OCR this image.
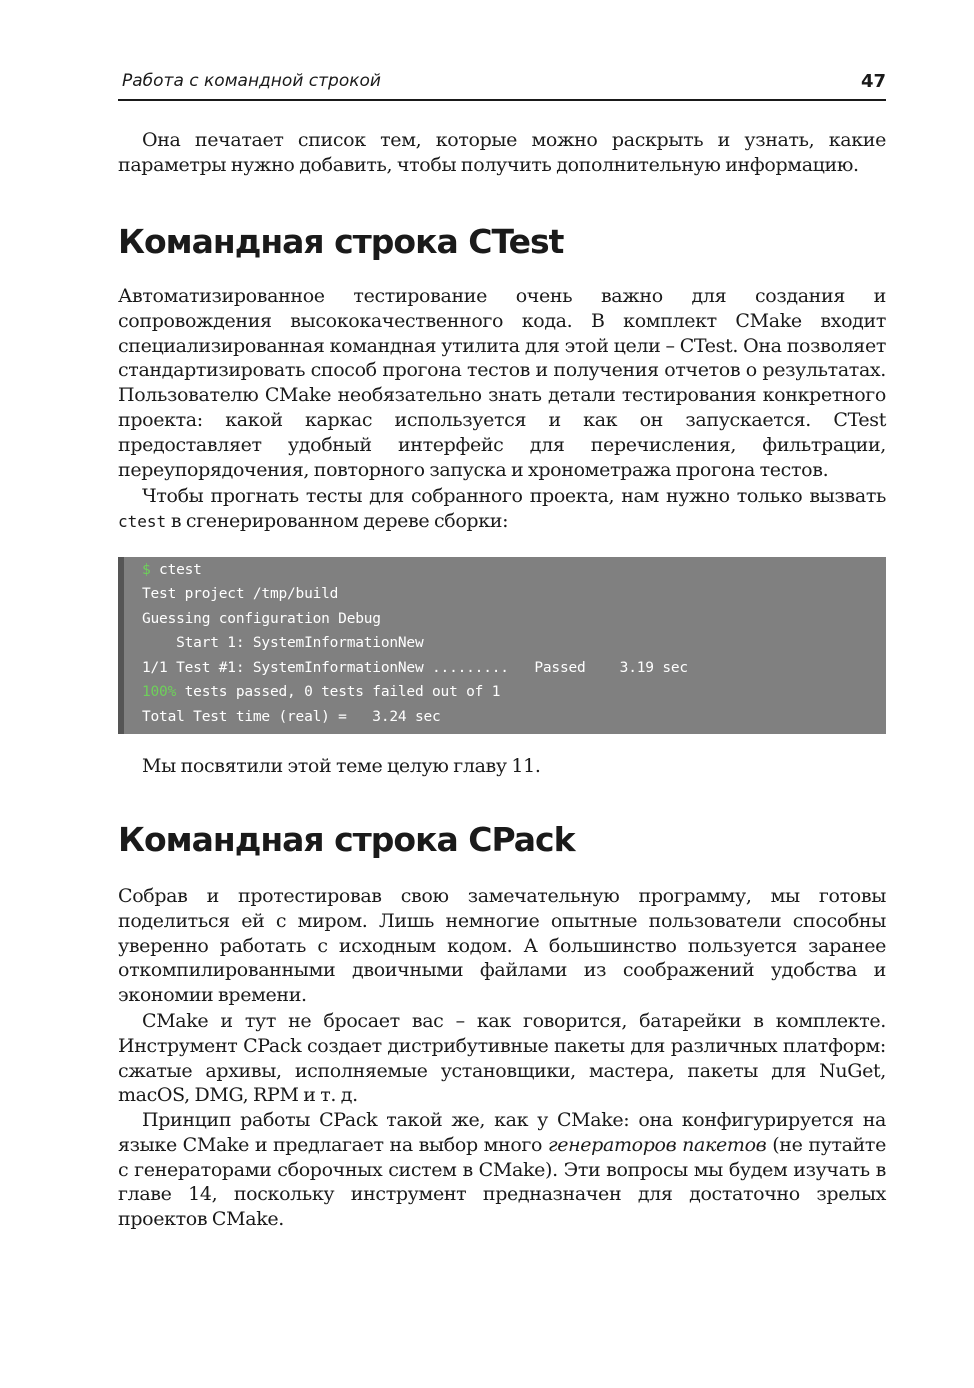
Работа с командной строкой	47

Она печатает список тем, которые можно раскрыть и узнать, какие параметры нужно добавить, чтобы получить дополнительную информацию.

Командная строка CTest

Автоматизированное тестирование очень важно для создания и сопровождения высококачественного кода. В комплект CMake входит специализированная командная утилита для этой цели – CTest. Она позволяет стандартизировать способ прогона тестов и получения отчетов о результатах. Пользователю CMake необязательно знать детали тестирования конкретного проекта: какой каркас используется и как он запускается. CTest предоставляет удобный интерфейс для перечисления, фильтрации, переупорядочения, повторного запуска и хронометража прогона тестов.

Чтобы прогнать тесты для собранного проекта, нам нужно только вызвать ctest в сгенерированном дереве сборки:

$ ctest
Test project /tmp/build
Guessing configuration Debug
Start 1: SystemInformationNew
1/1 Test #1: SystemInformationNew .........   Passed    3.19 sec
100% tests passed, 0 tests failed out of 1
Total Test time (real) =   3.24 sec

Мы посвятили этой теме целую главу 11.

Командная строка CPack

Собрав и протестировав свою замечательную программу, мы готовы поделиться ей с миром. Лишь немногие опытные пользователи способны уверенно работать с исходным кодом. А большинство пользуется заранее откомпилированными двоичными файлами из соображений удобства и экономии времени.

CMake и тут не бросает вас – как говорится, батарейки в комплекте. Инструмент CPack создает дистрибутивные пакеты для различных платформ: сжатые архивы, исполняемые установщики, мастера, пакеты для NuGet, macOS, DMG, RPM и т. д.

Принцип работы CPack такой же, как у CMake: она конфигурируется на языке CMake и предлагает на выбор много генераторов пакетов (не путайте с генераторами сборочных систем в CMake). Эти вопросы мы будем изучать в главе 14, поскольку инструмент предназначен для достаточно зрелых проектов CMake.
